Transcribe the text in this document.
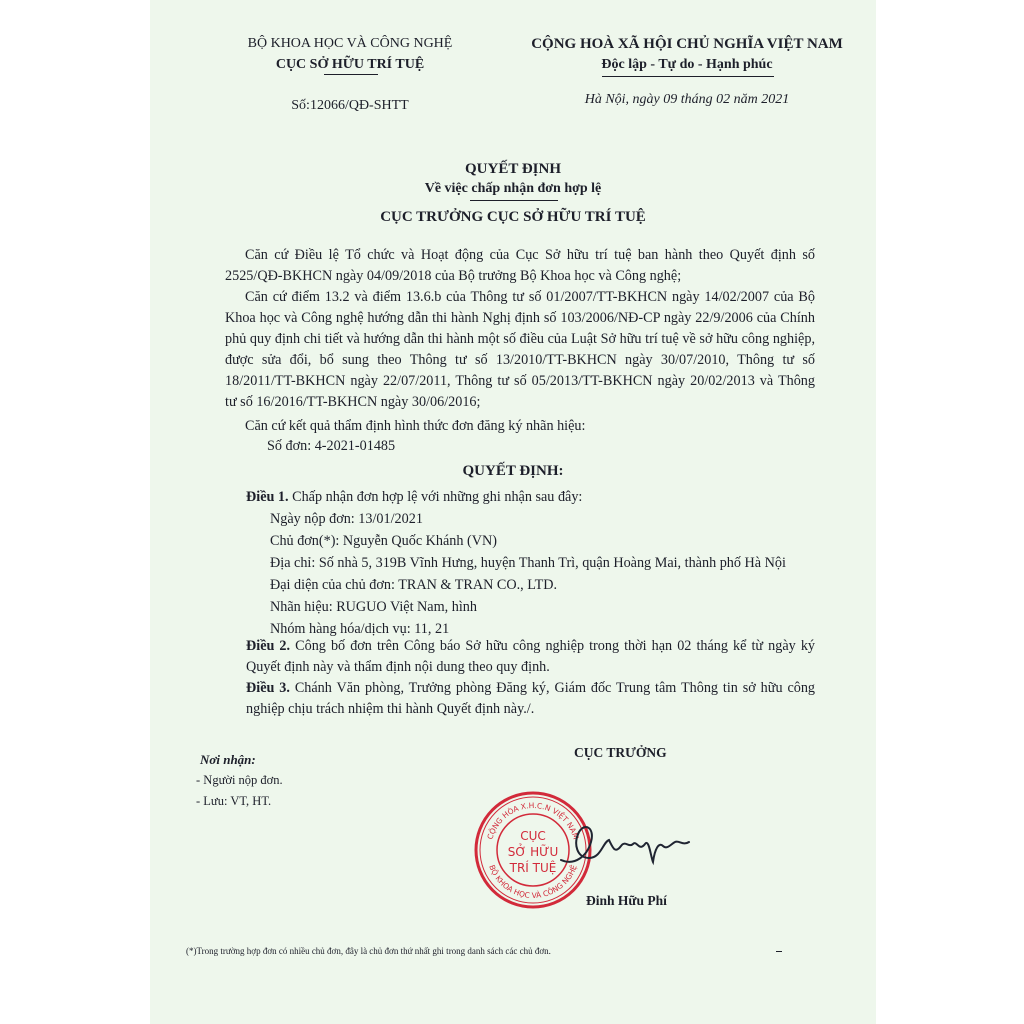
BỘ KHOA HỌC VÀ CÔNG NGHỆ
CỤC SỞ HỮU TRÍ TUỆ
Số:12066/QĐ-SHTT
CỘNG HOÀ XÃ HỘI CHỦ NGHĨA VIỆT NAM
Độc lập - Tự do - Hạnh phúc
Hà Nội, ngày 09 tháng 02 năm 2021
QUYẾT ĐỊNH
Về việc chấp nhận đơn hợp lệ
CỤC TRƯỞNG CỤC SỞ HỮU TRÍ TUỆ
Căn cứ Điều lệ Tổ chức và Hoạt động của Cục Sở hữu trí tuệ ban hành theo Quyết định số 2525/QĐ-BKHCN ngày 04/09/2018 của Bộ trưởng Bộ Khoa học và Công nghệ;
Căn cứ điểm 13.2 và điểm 13.6.b của Thông tư số 01/2007/TT-BKHCN ngày 14/02/2007 của Bộ Khoa học và Công nghệ hướng dẫn thi hành Nghị định số 103/2006/NĐ-CP ngày 22/9/2006 của Chính phủ quy định chi tiết và hướng dẫn thi hành một số điều của Luật Sở hữu trí tuệ về sở hữu công nghiệp, được sửa đổi, bổ sung theo Thông tư số 13/2010/TT-BKHCN ngày 30/07/2010, Thông tư số 18/2011/TT-BKHCN ngày 22/07/2011, Thông tư số 05/2013/TT-BKHCN ngày 20/02/2013 và Thông tư số 16/2016/TT-BKHCN ngày 30/06/2016;
Căn cứ kết quả thẩm định hình thức đơn đăng ký nhãn hiệu:
Số đơn: 4-2021-01485
QUYẾT ĐỊNH:
Điều 1. Chấp nhận đơn hợp lệ với những ghi nhận sau đây:
Ngày nộp đơn: 13/01/2021
Chủ đơn(*): Nguyễn Quốc Khánh (VN)
Địa chỉ: Số nhà 5, 319B Vĩnh Hưng, huyện Thanh Trì, quận Hoàng Mai, thành phố Hà Nội
Đại diện của chủ đơn: TRAN & TRAN CO., LTD.
Nhãn hiệu: RUGUO Việt Nam, hình
Nhóm hàng hóa/dịch vụ: 11, 21
Điều 2. Công bố đơn trên Công báo Sở hữu công nghiệp trong thời hạn 02 tháng kể từ ngày ký Quyết định này và thẩm định nội dung theo quy định.
Điều 3. Chánh Văn phòng, Trưởng phòng Đăng ký, Giám đốc Trung tâm Thông tin sở hữu công nghiệp chịu trách nhiệm thi hành Quyết định này./.
Nơi nhận:
- Người nộp đơn.
- Lưu: VT, HT.
CỤC TRƯỞNG
CỘNG HÒA X.H.C.N VIỆT NAM
BỘ KHOA HỌC VÀ CÔNG NGHỆ
CỤC
SỞ HỮU
TRÍ TUỆ
Đinh Hữu Phí
(*)Trong trường hợp đơn có nhiều chủ đơn, đây là chủ đơn thứ nhất ghi trong danh sách các chủ đơn.
